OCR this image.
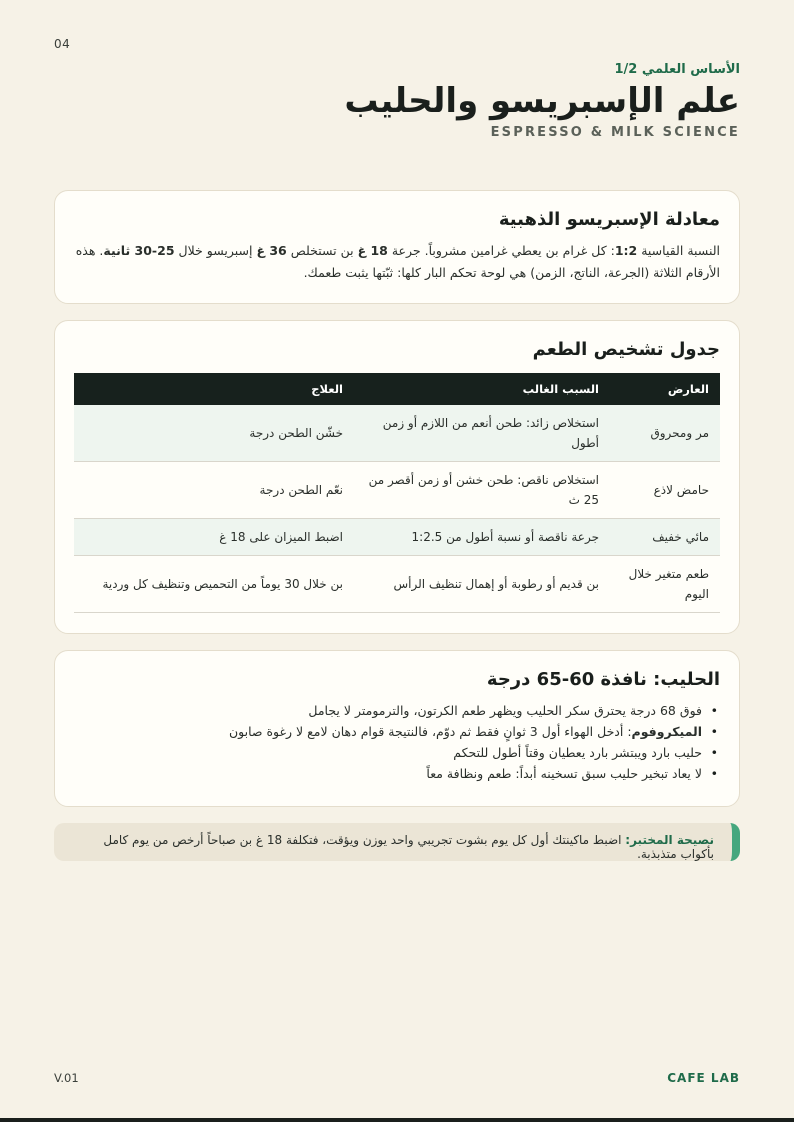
04
الأساس العلمي 1/2
علم الإسبريسو والحليب
ESPRESSO & MILK SCIENCE
معادلة الإسبريسو الذهبية
النسبة القياسية 1:2: كل غرام بن يعطي غرامين مشروباً. جرعة 18 غ بن تستخلص 36 غ إسبريسو خلال 25-30 ثانية. هذه الأرقام الثلاثة (الجرعة، الناتج، الزمن) هي لوحة تحكم البار كلها: ثبّتها يثبت طعمك.
جدول تشخيص الطعم
العارض	السبب الغالب	العلاج
مر ومحروق	استخلاص زائد: طحن أنعم من اللازم أو زمن أطول	خشّن الطحن درجة
حامض لاذع	استخلاص ناقص: طحن خشن أو زمن أقصر من 25 ث	نعّم الطحن درجة
مائي خفيف	جرعة ناقصة أو نسبة أطول من 1:2.5	اضبط الميزان على 18 غ
طعم متغير خلال اليوم	بن قديم أو رطوبة أو إهمال تنظيف الرأس	بن خلال 30 يوماً من التحميص وتنظيف كل وردية
الحليب: نافذة 60-65 درجة
• فوق 68 درجة يحترق سكر الحليب ويظهر طعم الكرتون، والترمومتر لا يجامل
• الميكروفوم: أدخل الهواء أول 3 ثوانٍ فقط ثم دوّم، فالنتيجة قوام دهان لامع لا رغوة صابون
• حليب بارد ويبتشر بارد يعطيان وقتاً أطول للتحكم
• لا يعاد تبخير حليب سبق تسخينه أبداً: طعم ونظافة معاً
نصيحة المختبر: اضبط ماكينتك أول كل يوم بشوت تجريبي واحد يوزن ويؤقت، فتكلفة 18 غ بن صباحاً أرخص من يوم كامل بأكواب متذبذبة.
V.01	CAFE LAB
